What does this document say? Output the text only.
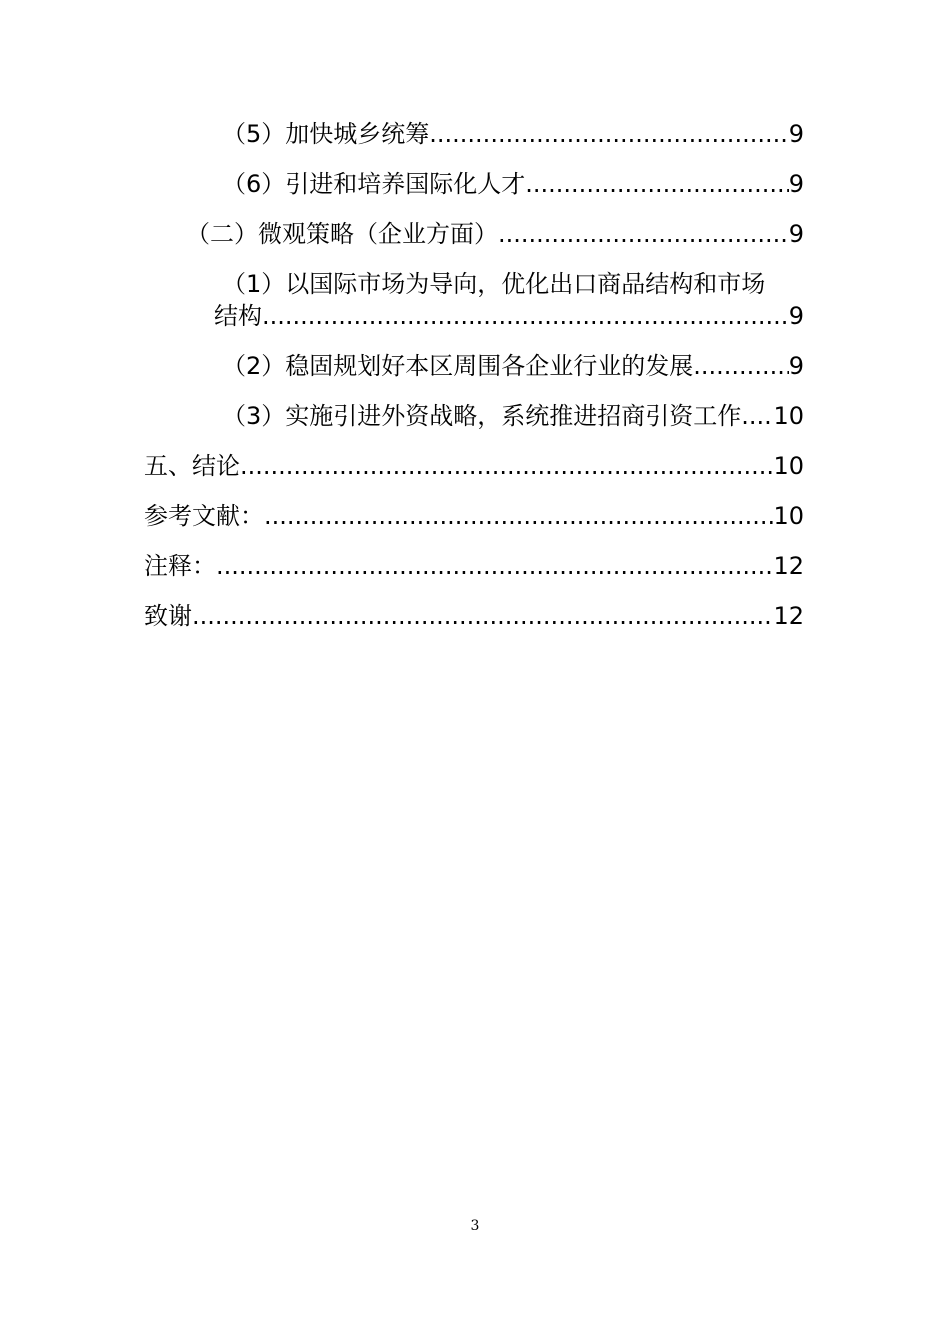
（5）加快城乡统筹 .....	9
（6）引进和培养国际化人才 .....	9
（二）微观策略（企业方面） .....	9
（1）以国际市场为导向，优化出口商品结构和市场
结构 .....	9
（2）稳固规划好本区周围各企业行业的发展 .....	9
（3）实施引进外资战略，系统推进招商引资工作. ..... 10
五、结论 .....	10
参考文献： .....	10
注释： .....	12
致谢 .....	12
3
